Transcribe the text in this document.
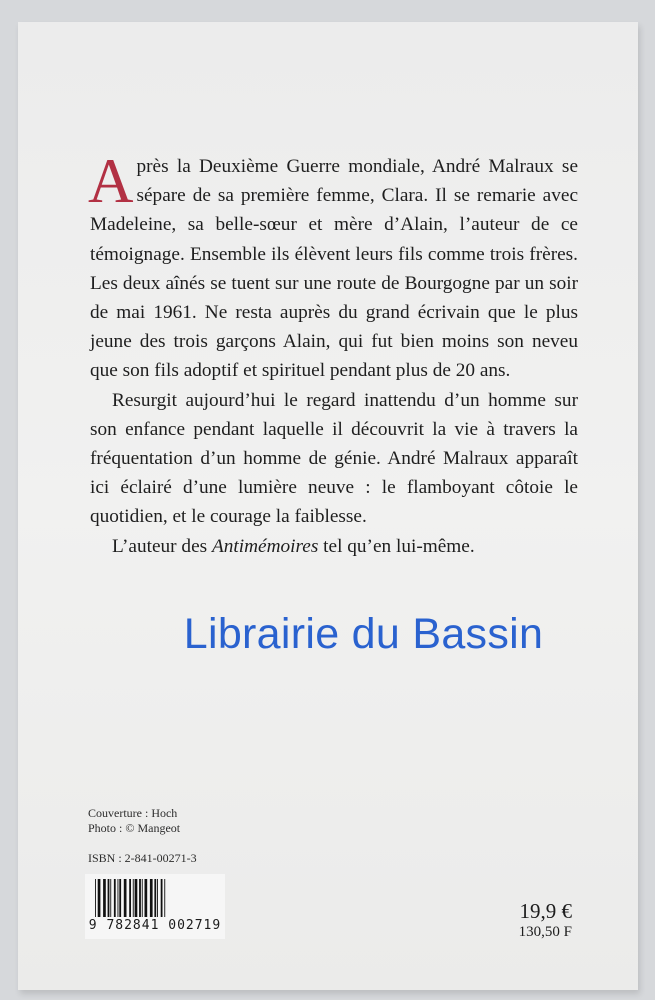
Après la Deuxième Guerre mondiale, André Malraux se sépare de sa première femme, Clara. Il se remarie avec Madeleine, sa belle-sœur et mère d’Alain, l’auteur de ce témoignage. Ensemble ils élèvent leurs fils comme trois frères. Les deux aînés se tuent sur une route de Bourgogne par un soir de mai 1961. Ne resta auprès du grand écrivain que le plus jeune des trois garçons Alain, qui fut bien moins son neveu que son fils adoptif et spirituel pendant plus de 20 ans.

Resurgit aujourd’hui le regard inattendu d’un homme sur son enfance pendant laquelle il découvrit la vie à travers la fréquentation d’un homme de génie. André Malraux apparaît ici éclairé d’une lumière neuve : le flamboyant côtoie le quotidien, et le courage la faiblesse.

L’auteur des Antimémoires tel qu’en lui-même.

Librairie du Bassin
Couverture : Hoch
Photo : © Mangeot
ISBN : 2-841-00271-3
9 782841 002719
19,9 €
130,50 F
